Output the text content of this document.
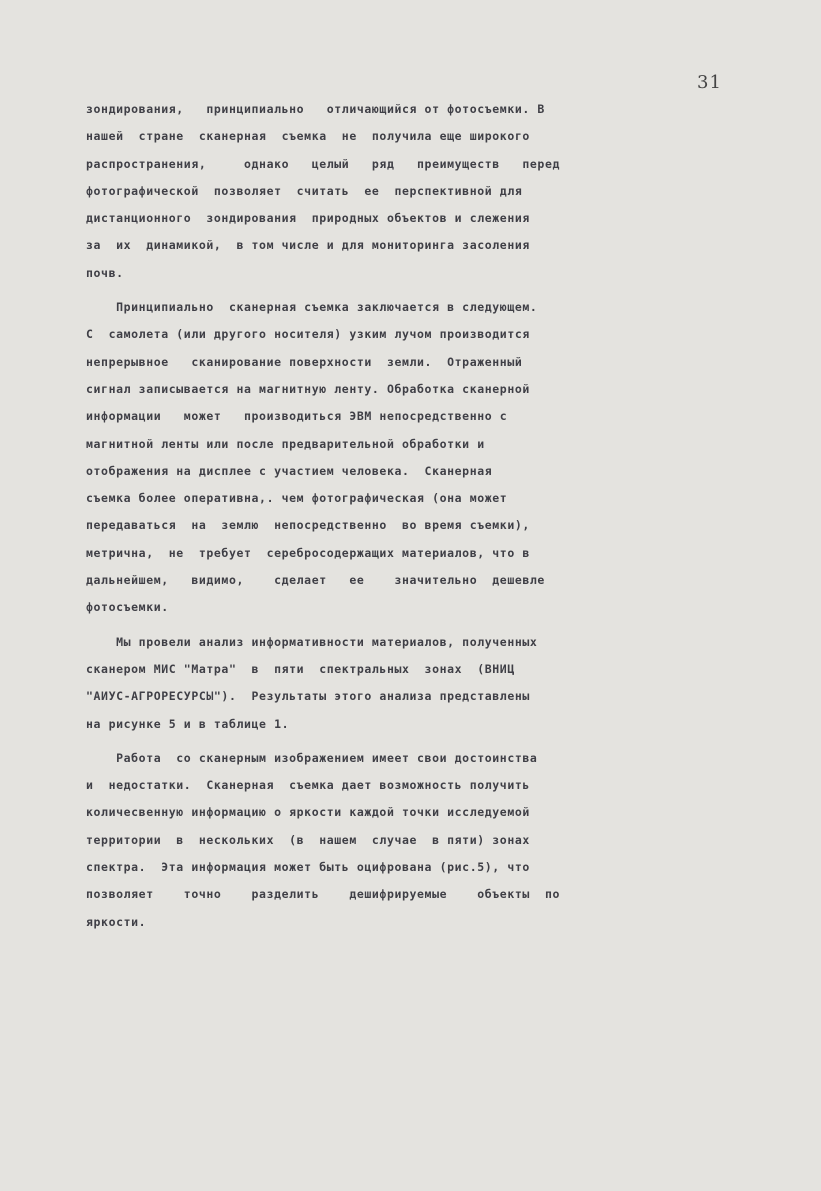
31
зондирования,   принципиально   отличающийся от фотосъемки. В
нашей  стране  сканерная  съемка  не  получила еще широкого
распространения,     однако   целый   ряд   преимуществ   перед
фотографической  позволяет  считать  ее  перспективной для
дистанционного  зондирования  природных объектов и слежения
за  их  динамикой,  в том числе и для мониторинга засоления
почв.
Принципиально  сканерная съемка заключается в следующем.
С  самолета (или другого носителя) узким лучом производится
непрерывное   сканирование поверхности  земли.  Отраженный
сигнал записывается на магнитную ленту. Обработка сканерной
информации   может   производиться ЭВМ непосредственно с
магнитной ленты или после предварительной обработки и
отображения на дисплее с участием человека.  Сканерная
съемка более оперативна,. чем фотографическая (она может
передаваться  на  землю  непосредственно  во время съемки),
метрична,  не  требует  серебросодержащих материалов, что в
дальнейшем,   видимо,    сделает   ее    значительно  дешевле
фотосъемки.
Мы провели анализ информативности материалов, полученных
сканером МИС "Матра"  в  пяти  спектральных  зонах  (ВНИЦ
"АИУС-АГРОРЕСУРСЫ").  Результаты этого анализа представлены
на рисунке 5 и в таблице 1.
Работа  со сканерным изображением имеет свои достоинства
и  недостатки.  Сканерная  съемка дает возможность получить
количесвенную информацию о яркости каждой точки исследуемой
территории  в  нескольких  (в  нашем  случае  в пяти) зонах
спектра.  Эта информация может быть оцифрована (рис.5), что
позволяет    точно    разделить    дешифрируемые    объекты  по
яркости.
